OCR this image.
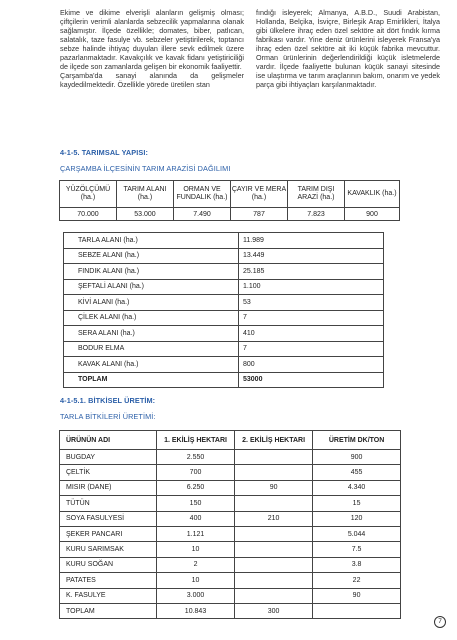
Ekime ve dikime elverişli alanların gelişmiş olması; çiftçilerin verimli alanlarda sebzecilik yapmalarına olanak sağlamıştır. İlçede özellikle; domates, biber, patlıcan, salatalık, taze fasulye vb. sebzeler yetiştirilerek, toptancı sebze halinde ihtiyaç duyulan illere sevk edilmek üzere pazarlanmaktadır. Kavakçılık ve kavak fidanı yetiştiriciliği de ilçede son zamanlarda gelişen bir ekonomik faaliyettir.

Çarşamba'da sanayi alanında da gelişmeler kaydedilmektedir. Özellikle yörede üretilen stan

fındığı isleyerek; Almanya, A.B.D., Suudi Arabistan, Hollanda, Belçika, İsviçre, Birleşik Arap Emirlikleri, İtalya gibi ülkelere ihraç eden özel sektöre ait dört fındık kırma fabrikası vardır. Yine deniz ürünlerini isleyerek Fransa'ya ihraç eden özel sektöre ait iki küçük fabrika mevcuttur. Orman ürünlerinin değerlendirildiği küçük isletmelerde vardır. İlçede faaliyette bulunan küçük sanayi sitesinde ise ulaştırma ve tarım araçlarının bakım, onarım ve yedek parça gibi ihtiyaçları karşılanmaktadır.

4-1-5. TARIMSAL YAPISI:
ÇARŞAMBA İLÇESİNİN TARIM ARAZİSİ DAĞILIMI
YÜZÖLÇÜMÜ (ha.)	TARIM ALANI (ha.)	ORMAN VE FUNDALIK (ha.)	ÇAYIR VE MERA (ha.)	TARIM DIŞI ARAZİ (ha.)	KAVAKLIK (ha.)
70.000	53.000	7.490	787	7.823	900
TARLA ALANI (ha.)	11.989
SEBZE ALANI (ha.)	13.449
FINDIK ALANI (ha.)	25.185
ŞEFTALİ ALANI (ha.)	1.100
KİVİ ALANI (ha.)	53
ÇİLEK ALANI (ha.)	7
SERA ALANI (ha.)	410
BODUR ELMA	7
KAVAK ALANI (ha.)	800
TOPLAM	53000
4-1-5.1. BİTKİSEL ÜRETİM:
TARLA BİTKİLERİ ÜRETİMİ:
ÜRÜNÜN ADI	1. EKİLİŞ HEKTARI	2. EKİLİŞ HEKTARI	ÜRETİM DK/TON
BUGDAY	2.550		900
ÇELTİK	700		455
MISIR (DANE)	6.250	90	4.340
TÜTÜN	150		15
SOYA FASULYESİ	400	210	120
ŞEKER PANCARI	1.121		5.044
KURU SARIMSAK	10		7.5
KURU SOĞAN	2		3.8
PATATES	10		22
K. FASULYE	3.000		90
TOPLAM	10.843	300	
7
